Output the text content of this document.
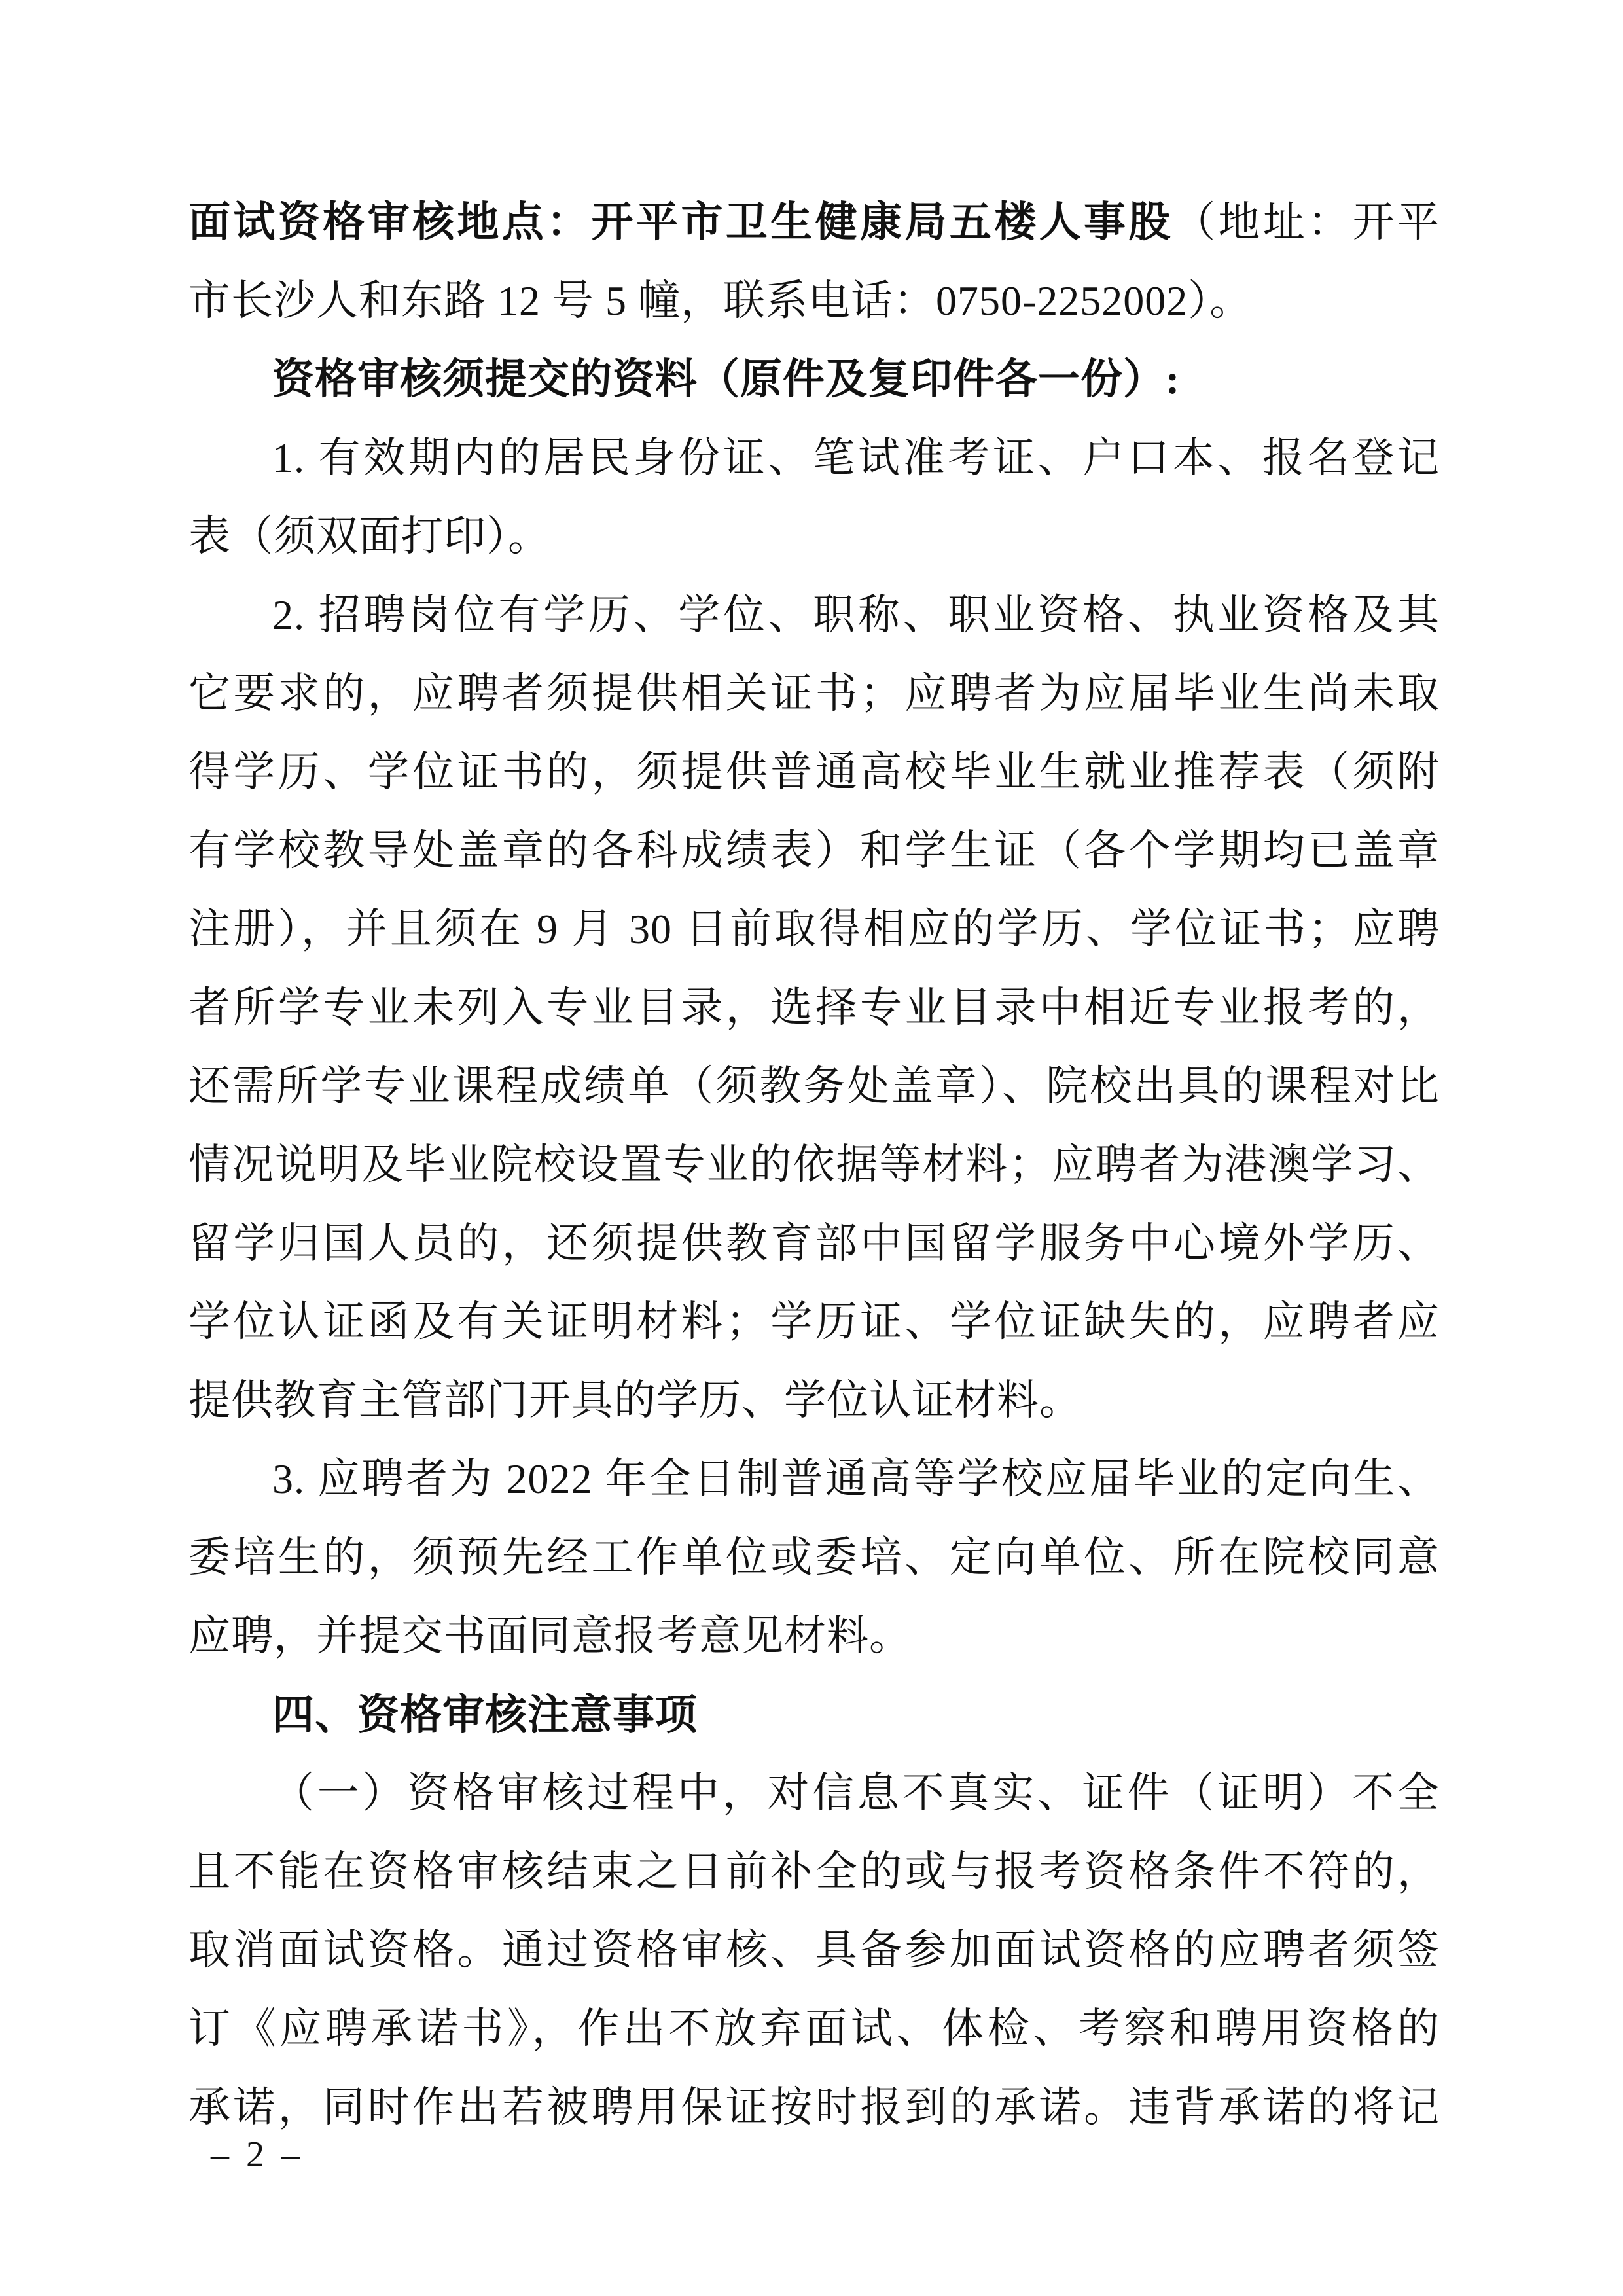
面试资格审核地点：开平市卫生健康局五楼人事股（地址：开平

市长沙人和东路 12 号 5 幢，联系电话：0750-2252002）。

资格审核须提交的资料（原件及复印件各一份）:

1. 有效期内的居民身份证、笔试准考证、户口本、报名登记

表（须双面打印）。

2. 招聘岗位有学历、学位、职称、职业资格、执业资格及其

它要求的，应聘者须提供相关证书；应聘者为应届毕业生尚未取

得学历、学位证书的，须提供普通高校毕业生就业推荐表（须附

有学校教导处盖章的各科成绩表）和学生证（各个学期均已盖章

注册），并且须在 9 月 30 日前取得相应的学历、学位证书；应聘

者所学专业未列入专业目录，选择专业目录中相近专业报考的，

还需所学专业课程成绩单（须教务处盖章）、院校出具的课程对比

情况说明及毕业院校设置专业的依据等材料；应聘者为港澳学习、

留学归国人员的，还须提供教育部中国留学服务中心境外学历、

学位认证函及有关证明材料；学历证、学位证缺失的，应聘者应

提供教育主管部门开具的学历、学位认证材料。

3. 应聘者为 2022 年全日制普通高等学校应届毕业的定向生、

委培生的，须预先经工作单位或委培、定向单位、所在院校同意

应聘，并提交书面同意报考意见材料。

四、资格审核注意事项

（一）资格审核过程中，对信息不真实、证件（证明）不全

且不能在资格审核结束之日前补全的或与报考资格条件不符的，

取消面试资格。通过资格审核、具备参加面试资格的应聘者须签

订《应聘承诺书》，作出不放弃面试、体检、考察和聘用资格的

承诺，同时作出若被聘用保证按时报到的承诺。违背承诺的将记

– 2 –
